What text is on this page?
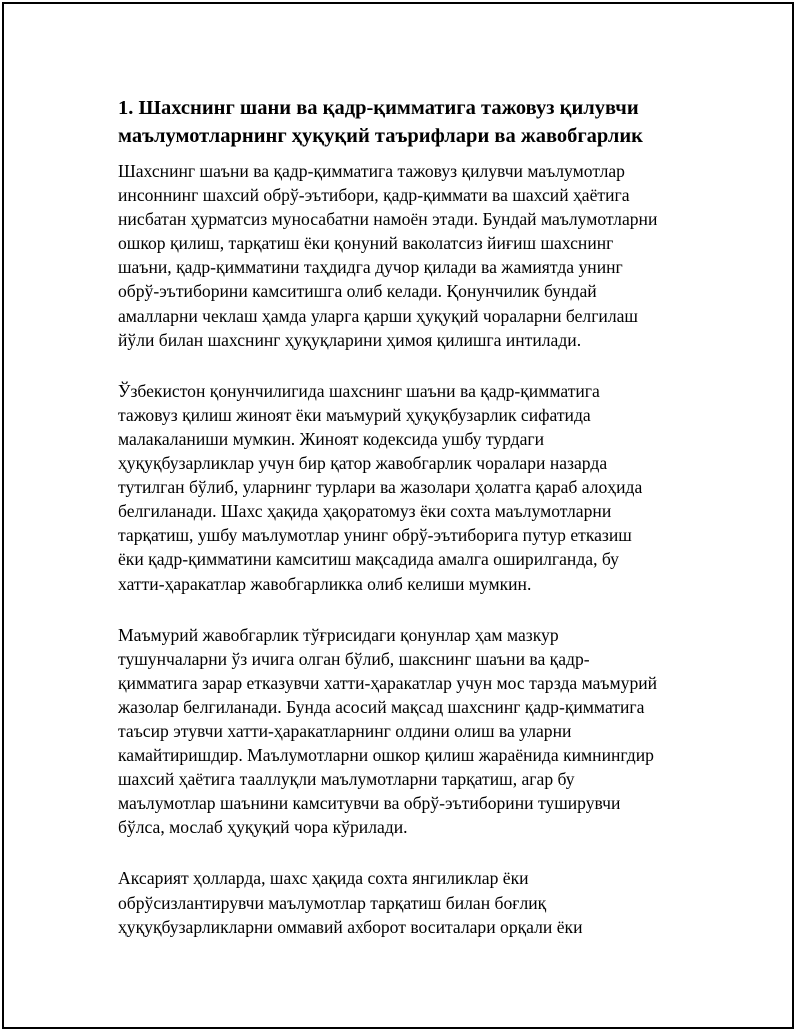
1. Шахснинг шани ва қадр-қимматига тажовуз қилувчи
маълумотларнинг ҳуқуқий таърифлари ва жавобгарлик

Шахснинг шаъни ва қадр-қимматига тажовуз қилувчи маълумотлар
инсоннинг шахсий обрў-эътибори, қадр-қиммати ва шахсий ҳаётига
нисбатан ҳурматсиз муносабатни намоён этади. Бундай маълумотларни
ошкор қилиш, тарқатиш ёки қонуний ваколатсиз йиғиш шахснинг
шаъни, қадр-қимматини таҳдидга дучор қилади ва жамиятда унинг
обрў-эътиборини камситишга олиб келади. Қонунчилик бундай
амалларни чеклаш ҳамда уларга қарши ҳуқуқий чораларни белгилаш
йўли билан шахснинг ҳуқуқларини ҳимоя қилишга интилади.

Ўзбекистон қонунчилигида шахснинг шаъни ва қадр-қимматига
тажовуз қилиш жиноят ёки маъмурий ҳуқуқбузарлик сифатида
малакаланиши мумкин. Жиноят кодексида ушбу турдаги
ҳуқуқбузарликлар учун бир қатор жавобгарлик чоралари назарда
тутилган бўлиб, уларнинг турлари ва жазолари ҳолатга қараб алоҳида
белгиланади. Шахс ҳақида ҳақоратомуз ёки сохта маълумотларни
тарқатиш, ушбу маълумотлар унинг обрў-эътиборига путур етказиш
ёки қадр-қимматини камситиш мақсадида амалга оширилганда, бу
хатти-ҳаракатлар жавобгарликка олиб келиши мумкин.

Маъмурий жавобгарлик тўғрисидаги қонунлар ҳам мазкур
тушунчаларни ўз ичига олган бўлиб, шакснинг шаъни ва қадр-
қимматига зарар етказувчи хатти-ҳаракатлар учун мос тарзда маъмурий
жазолар белгиланади. Бунда асосий мақсад шахснинг қадр-қимматига
таъсир этувчи хатти-ҳаракатларнинг олдини олиш ва уларни
камайтиришдир. Маълумотларни ошкор қилиш жараёнида кимнингдир
шахсий ҳаётига тааллуқли маълумотларни тарқатиш, агар бу
маълумотлар шаънини камситувчи ва обрў-эътиборини туширувчи
бўлса, мослаб ҳуқуқий чора кўрилади.

Аксарият ҳолларда, шахс ҳақида сохта янгиликлар ёки
обрўсизлантирувчи маълумотлар тарқатиш билан боғлиқ
ҳуқуқбузарликларни оммавий ахборот воситалари орқали ёки
